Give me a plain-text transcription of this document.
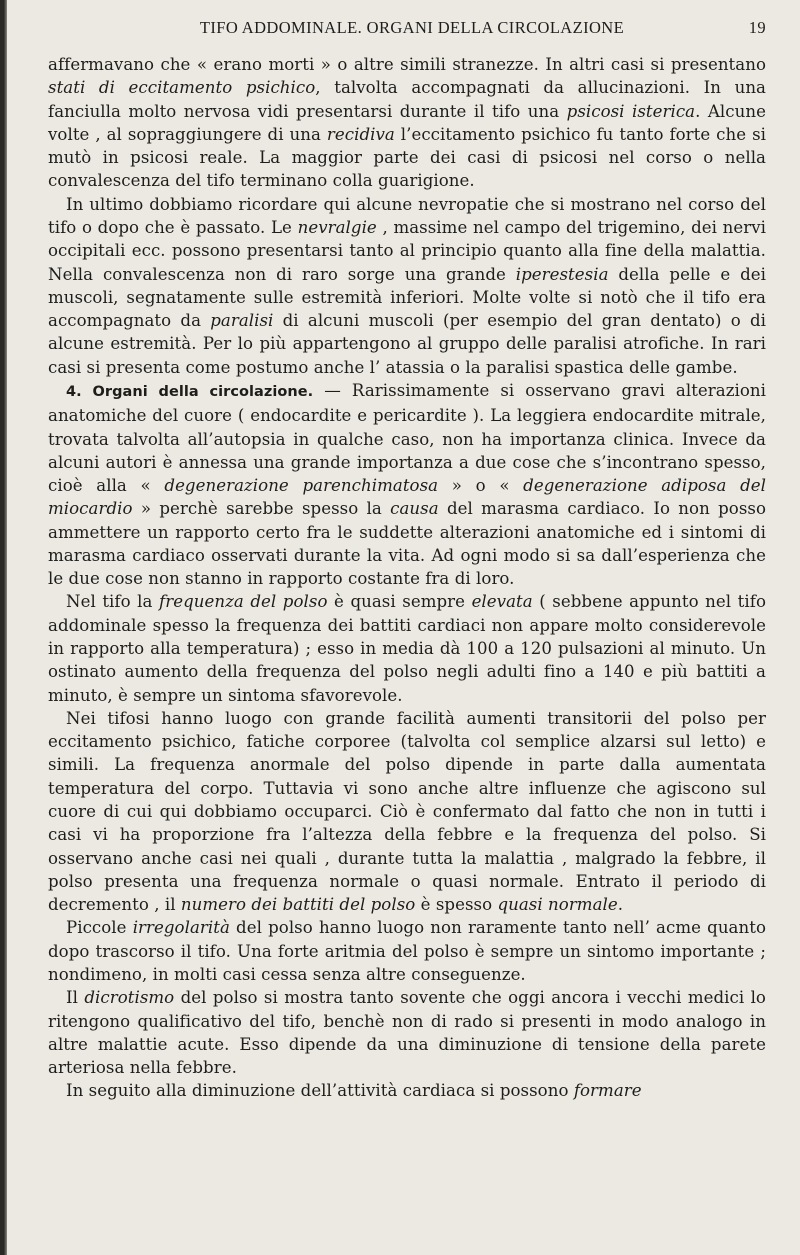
TIFO ADDOMINALE. ORGANI DELLA CIRCOLAZIONE	19

affermavano che « erano morti » o altre simili stranezze. In altri casi si presentano stati di eccitamento psichico, talvolta accompagnati da allucinazioni. In una fanciulla molto nervosa vidi presentarsi durante il tifo una psicosi isterica. Alcune volte , al sopraggiungere di una recidiva l’eccitamento psichico fu tanto forte che si mutò in psicosi reale. La maggior parte dei casi di psicosi nel corso o nella convalescenza del tifo terminano colla guarigione.

In ultimo dobbiamo ricordare qui alcune nevropatie che si mostrano nel corso del tifo o dopo che è passato. Le nevralgie , massime nel campo del trigemino, dei nervi occipitali ecc. possono presentarsi tanto al principio quanto alla fine della malattia. Nella convalescenza non di raro sorge una grande iperestesia della pelle e dei muscoli, segnatamente sulle estremità inferiori. Molte volte si notò che il tifo era accompagnato da paralisi di alcuni muscoli (per esempio del gran dentato) o di alcune estremità. Per lo più appartengono al gruppo delle paralisi atrofiche. In rari casi si presenta come postumo anche l’ atassia o la paralisi spastica delle gambe.

4. Organi della circolazione. — Rarissimamente si osservano gravi alterazioni anatomiche del cuore ( endocardite e pericardite ). La leggiera endocardite mitrale, trovata talvolta all’autopsia in qualche caso, non ha importanza clinica. Invece da alcuni autori è annessa una grande importanza a due cose che s’incontrano spesso, cioè alla « degenerazione parenchimatosa » o « degenerazione adiposa del miocardio » perchè sarebbe spesso la causa del marasma cardiaco. Io non posso ammettere un rapporto certo fra le suddette alterazioni anatomiche ed i sintomi di marasma cardiaco osservati durante la vita. Ad ogni modo si sa dall’esperienza che le due cose non stanno in rapporto costante fra di loro.

Nel tifo la frequenza del polso è quasi sempre elevata ( sebbene appunto nel tifo addominale spesso la frequenza dei battiti cardiaci non appare molto considerevole in rapporto alla temperatura) ; esso in media dà 100 a 120 pulsazioni al minuto. Un ostinato aumento della frequenza del polso negli adulti fino a 140 e più battiti a minuto, è sempre un sintoma sfavorevole.

Nei tifosi hanno luogo con grande facilità aumenti transitorii del polso per eccitamento psichico, fatiche corporee (talvolta col semplice alzarsi sul letto) e simili. La frequenza anormale del polso dipende in parte dalla aumentata temperatura del corpo. Tuttavia vi sono anche altre influenze che agiscono sul cuore di cui qui dobbiamo occuparci. Ciò è confermato dal fatto che non in tutti i casi vi ha proporzione fra l’altezza della febbre e la frequenza del polso. Si osservano anche casi nei quali , durante tutta la malattia , malgrado la febbre, il polso presenta una frequenza normale o quasi normale. Entrato il periodo di decremento , il numero dei battiti del polso è spesso quasi normale.

Piccole irregolarità del polso hanno luogo non raramente tanto nell’ acme quanto dopo trascorso il tifo. Una forte aritmia del polso è sempre un sintomo importante ; nondimeno, in molti casi cessa senza altre conseguenze.

Il dicrotismo del polso si mostra tanto sovente che oggi ancora i vecchi medici lo ritengono qualificativo del tifo, benchè non di rado si presenti in modo analogo in altre malattie acute. Esso dipende da una diminuzione di tensione della parete arteriosa nella febbre.

In seguito alla diminuzione dell’attività cardiaca si possono formare
